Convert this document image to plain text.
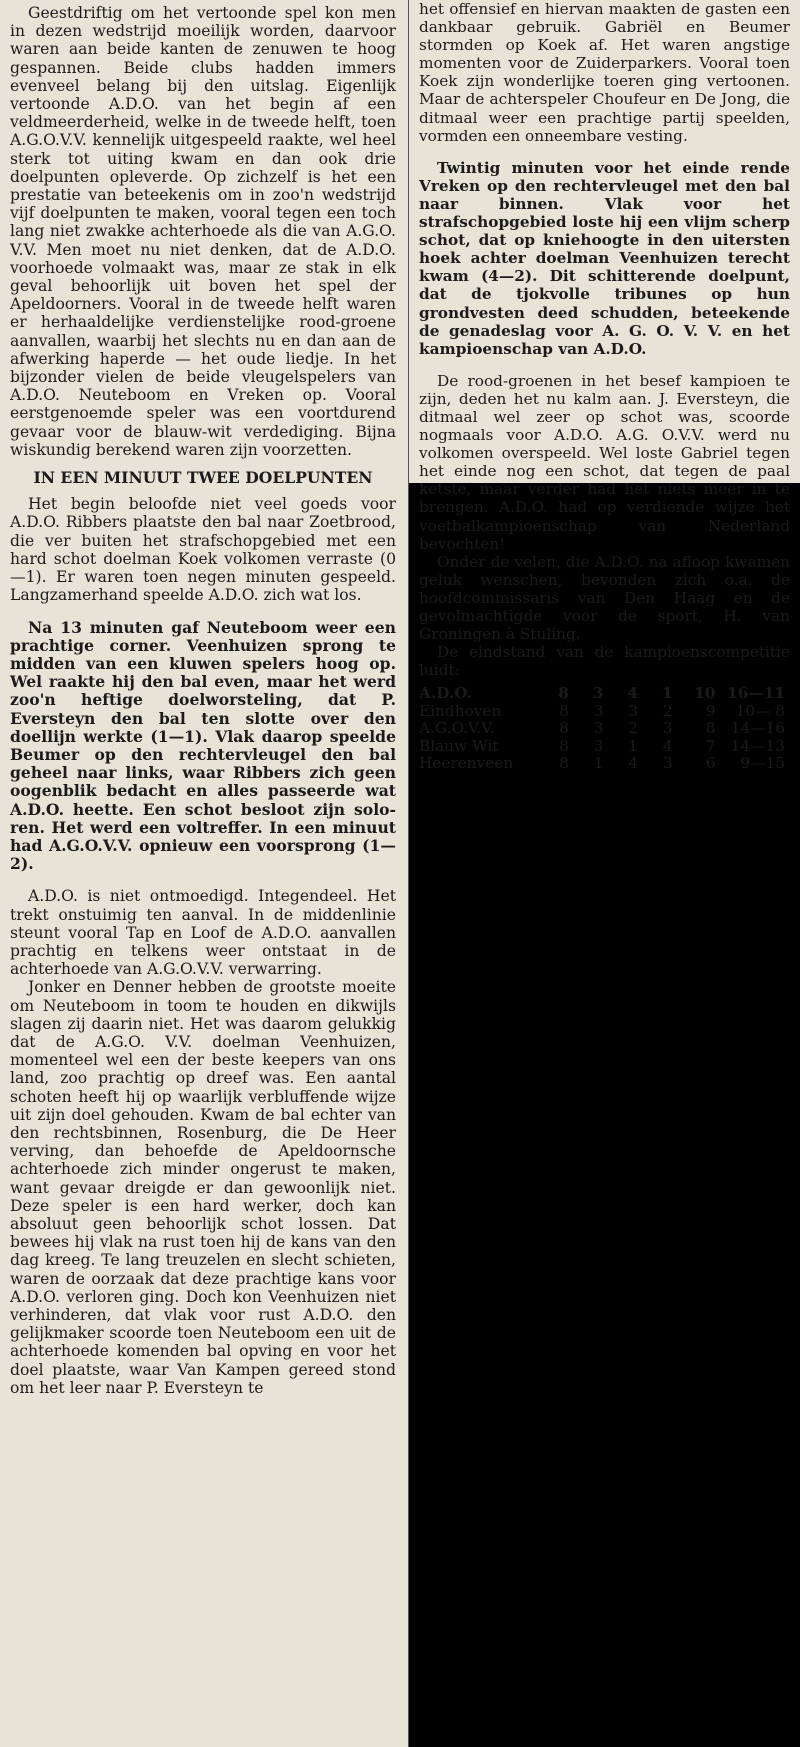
Geestdriftig om het vertoonde spel kon men in dezen wedstrijd moeilijk worden, daarvoor waren aan beide kanten de zenuwen te hoog gespannen. Beide clubs hadden immers evenveel belang bij den uitslag. Eigenlijk vertoonde A.D.O. van het begin af een veldmeerderheid, welke in de tweede helft, toen A.G.O.V.V. kennelijk uitgespeeld raakte, wel heel sterk tot uiting kwam en dan ook drie doelpunten opleverde. Op zichzelf is het een prestatie van beteekenis om in zoo'n wedstrijd vijf doelpunten te maken, vooral tegen een toch lang niet zwakke achterhoede als die van A.G.O. V.V. Men moet nu niet denken, dat de A.D.O. voorhoede volmaakt was, maar ze stak in elk geval behoorlijk uit boven het spel der Apeldoorners. Vooral in de tweede helft waren er herhaaldelijke verdienstelijke rood-groene aanvallen, waarbij het slechts nu en dan aan de afwerking haperde — het oude liedje. In het bijzonder vielen de beide vleugelspelers van A.D.O. Neuteboom en Vreken op. Vooral eerstgenoemde speler was een voortdurend gevaar voor de blauw-wit verdediging. Bijna wiskundig berekend waren zijn voorzetten.

IN EEN MINUUT TWEE DOELPUNTEN

Het begin beloofde niet veel goeds voor A.D.O. Ribbers plaatste den bal naar Zoetbrood, die ver buiten het strafschopgebied met een hard schot doelman Koek volkomen verraste (0—1). Er waren toen negen minuten gespeeld. Langzamerhand speelde A.D.O. zich wat los.

Na 13 minuten gaf Neuteboom weer een prachtige corner. Veenhuizen sprong te midden van een kluwen spelers hoog op. Wel raakte hij den bal even, maar het werd zoo'n heftige doelworsteling, dat P. Eversteyn den bal ten slotte over den doellijn werkte (1—1). Vlak daarop speelde Beumer op den rechtervleugel den bal geheel naar links, waar Ribbers zich geen oogenblik bedacht en alles passeerde wat A.D.O. heette. Een schot besloot zijn solo-ren. Het werd een voltreffer. In een minuut had A.G.O.V.V. opnieuw een voorsprong (1—2).

A.D.O. is niet ontmoedigd. Integendeel. Het trekt onstuimig ten aanval. In de middenlinie steunt vooral Tap en Loof de A.D.O. aanvallen prachtig en telkens weer ontstaat in de achterhoede van A.G.O.V.V. verwarring.

Jonker en Denner hebben de grootste moeite om Neuteboom in toom te houden en dikwijls slagen zij daarin niet. Het was daarom gelukkig dat de A.G.O. V.V. doelman Veenhuizen, momenteel wel een der beste keepers van ons land, zoo prachtig op dreef was. Een aantal schoten heeft hij op waarlijk verbluffende wijze uit zijn doel gehouden. Kwam de bal echter van den rechtsbinnen, Rosenburg, die De Heer verving, dan behoefde de Apeldoornsche achterhoede zich minder ongerust te maken, want gevaar dreigde er dan gewoonlijk niet. Deze speler is een hard werker, doch kan absoluut geen behoorlijk schot lossen. Dat bewees hij vlak na rust toen hij de kans van den dag kreeg. Te lang treuzelen en slecht schieten, waren de oorzaak dat deze prachtige kans voor A.D.O. verloren ging. Doch kon Veenhuizen niet verhinderen, dat vlak voor rust A.D.O. den gelijkmaker scoorde toen Neuteboom een uit de achterhoede komenden bal opving en voor het doel plaatste, waar Van Kampen gereed stond om het leer naar P. Eversteyn te

het offensief en hiervan maakten de gasten een dankbaar gebruik. Gabriël en Beumer stormden op Koek af. Het waren angstige momenten voor de Zuiderparkers. Vooral toen Koek zijn wonderlijke toeren ging vertoonen. Maar de achterspeler Choufeur en De Jong, die ditmaal weer een prachtige partij speelden, vormden een onneembare vesting.

Twintig minuten voor het einde rende Vreken op den rechtervleugel met den bal naar binnen. Vlak voor het strafschopgebied loste hij een vlijm scherp schot, dat op kniehoogte in den uitersten hoek achter doelman Veenhuizen terecht kwam (4—2). Dit schitterende doelpunt, dat de tjokvolle tribunes op hun grondvesten deed schudden, beteekende de genadeslag voor A. G. O. V. V. en het kampioenschap van A.D.O.

De rood-groenen in het besef kampioen te zijn, deden het nu kalm aan. J. Eversteyn, die ditmaal wel zeer op schot was, scoorde nogmaals voor A.D.O. A.G. O.V.V. werd nu volkomen overspeeld. Wel loste Gabriel tegen het einde nog een schot, dat tegen de paal ketste, maar verder had het niets meer in te brengen. A.D.O. had op verdiende wijze het voetbalkampioenschap van Nederland bevochten!

Onder de velen, die A.D.O. na afloop kwamen geluk wenschen, bevonden zich o.a. de hoofdcommissaris van Den Haag en de gevolmachtigde voor de sport, H. van Groningen à Stuling.

De eindstand van de kampioenscompetitie luidt:

A.D.O.	8	3	4	1	10	16—11
Eindhoven	8	3	3	2	9	10— 8
A.G.O.V.V.	8	3	2	3	8	14—16
Blauw Wit	8	3	1	4	7	14—13
Heerenveen	8	1	4	3	6	9—15
